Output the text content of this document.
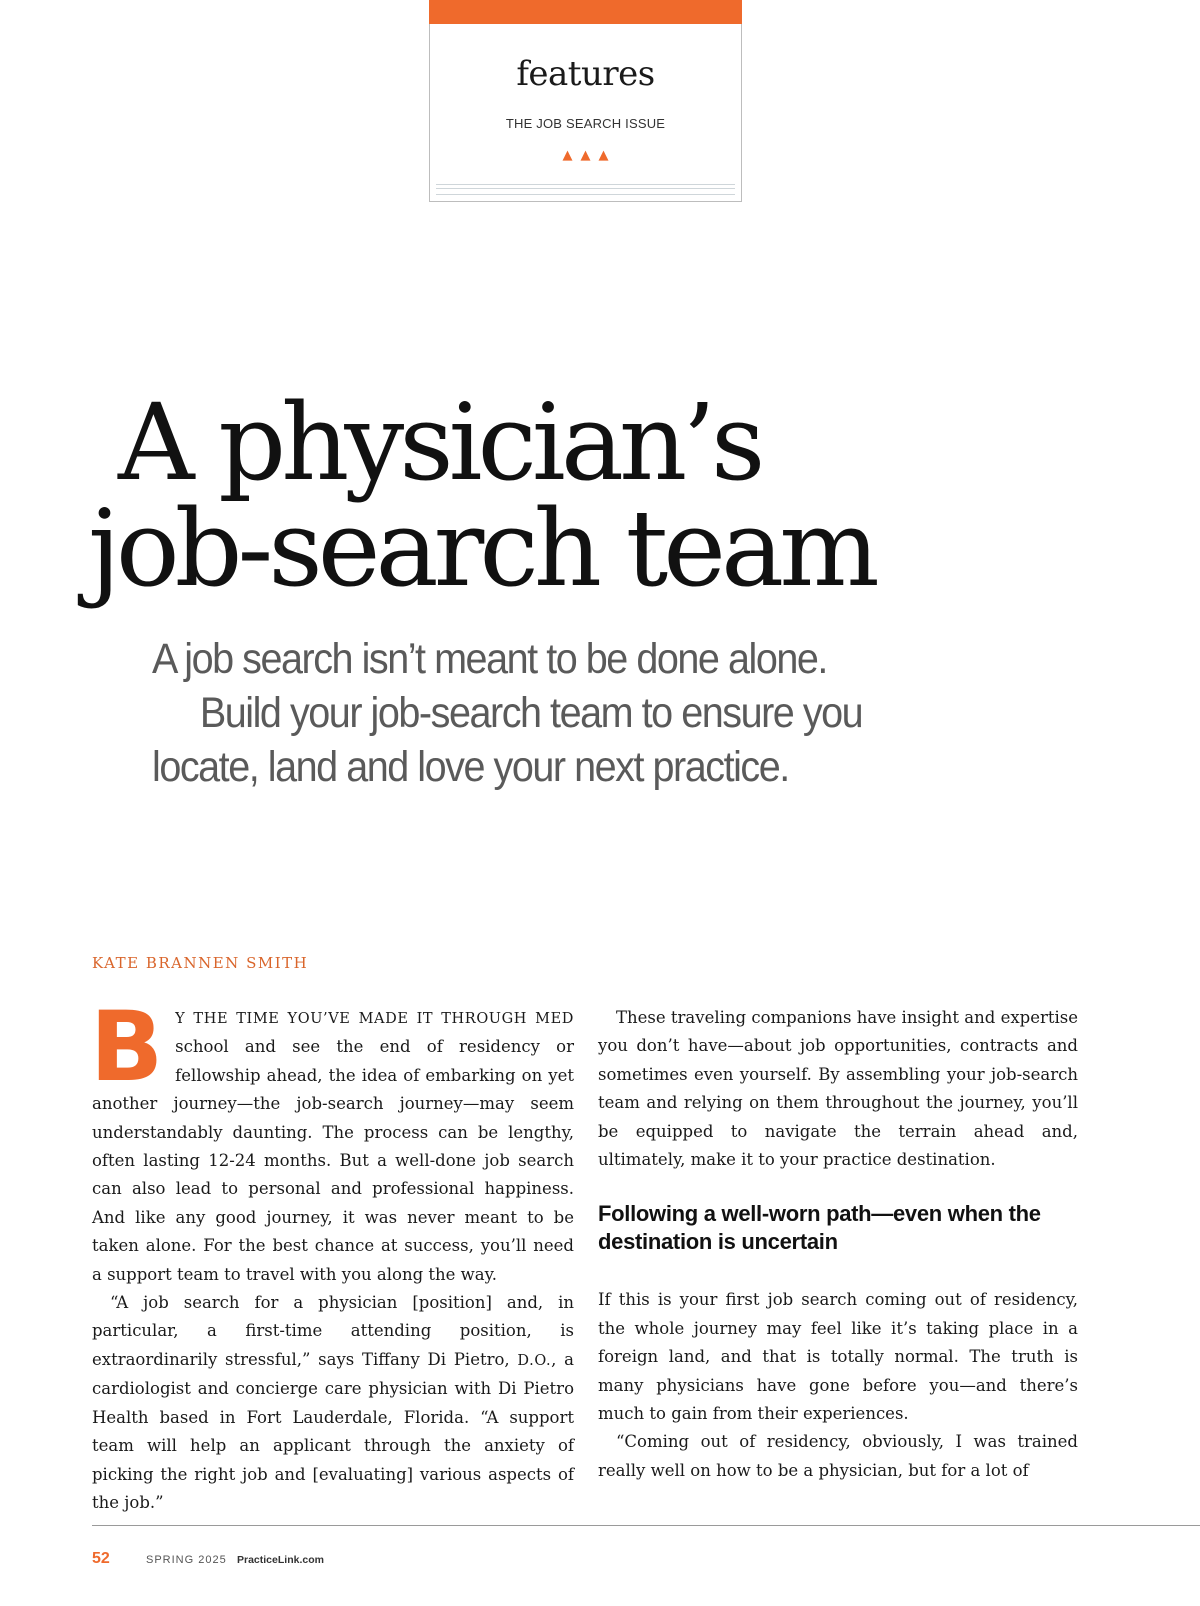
features
THE JOB SEARCH ISSUE
▲▲▲
A physician’s
job-search team
A job search isn’t meant to be done alone.
Build your job-search team to ensure you
locate, land and love your next practice.
KATE BRANNEN SMITH

B Y THE TIME YOU’VE MADE IT THROUGH MED school and see the end of residency or fellowship ahead, the idea of embarking on yet another journey—the job-search journey—may seem understandably daunting. The process can be lengthy, often lasting 12-24 months. But a well-done job search can also lead to personal and professional happiness. And like any good journey, it was never meant to be taken alone. For the best chance at success, you’ll need a support team to travel with you along the way.

“A job search for a physician [position] and, in particular, a first-time attending position, is extraordinarily stressful,” says Tiffany Di Pietro, D.O., a cardiologist and concierge care physician with Di Pietro Health based in Fort Lauderdale, Florida. “A support team will help an applicant through the anxiety of picking the right job and [evaluating] various aspects of the job.”

These traveling companions have insight and expertise you don’t have—about job opportunities, contracts and sometimes even yourself. By assembling your job-search team and relying on them throughout the journey, you’ll be equipped to navigate the terrain ahead and, ultimately, make it to your practice destination.

Following a well-worn path—even when the destination is uncertain

If this is your first job search coming out of residency, the whole journey may feel like it’s taking place in a foreign land, and that is totally normal. The truth is many physicians have gone before you—and there’s much to gain from their experiences.

“Coming out of residency, obviously, I was trained really well on how to be a physician, but for a lot of

52	SPRING 2025 PracticeLink.com
